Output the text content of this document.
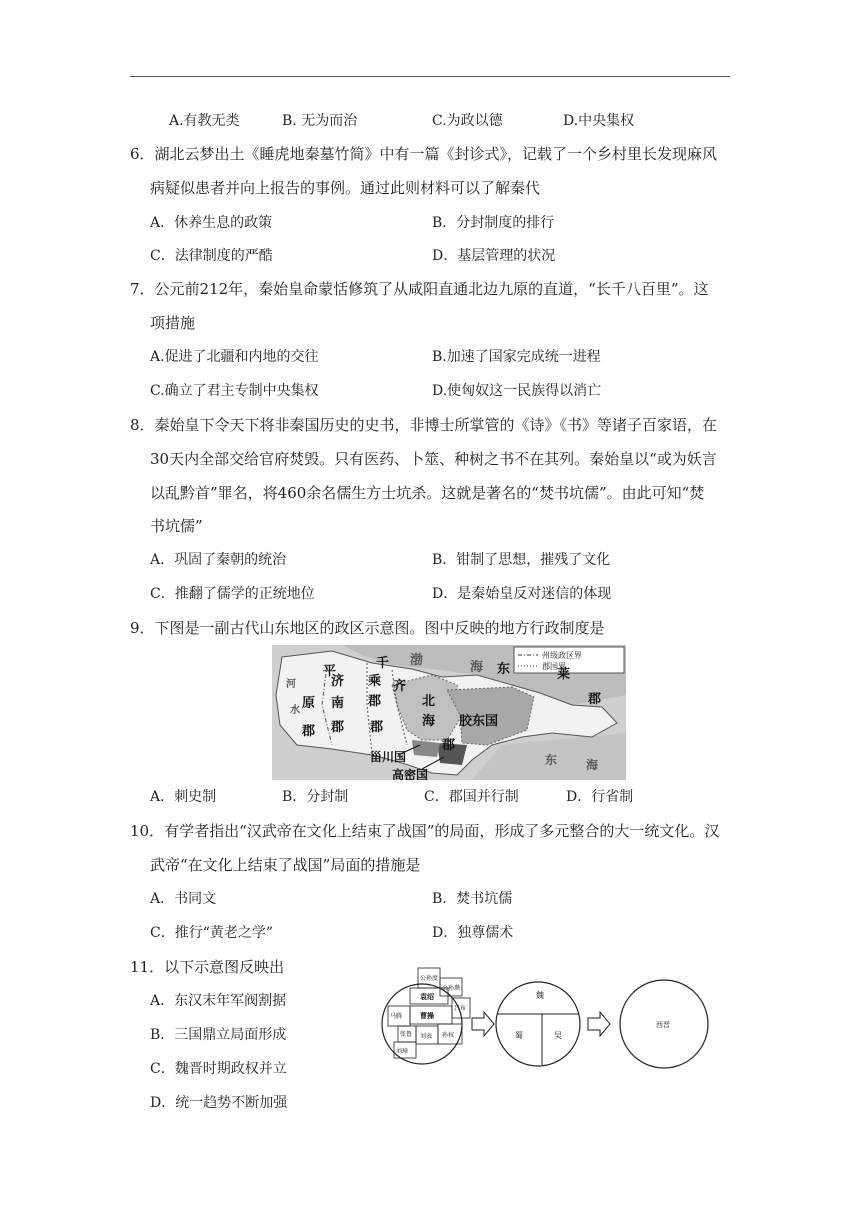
A.有教无类	B. 无为而治	C.为政以德	D.中央集权
6．湖北云梦出土《睡虎地秦墓竹简》中有一篇《封诊式》，记载了一个乡村里长发现麻风
病疑似患者并向上报告的事例。通过此则材料可以了解秦代
A．休养生息的政策	B．分封制度的排行
C．法律制度的严酷	D．基层管理的状况
7．公元前212年，秦始皇命蒙恬修筑了从咸阳直通北边九原的直道，“长千八百里”。这
项措施
A.促进了北疆和内地的交往	B.加速了国家完成统一进程
C.确立了君主专制中央集权	D.使匈奴这一民族得以消亡
8．秦始皇下令天下将非秦国历史的史书，非博士所掌管的《诗》《书》等诸子百家语，在
30天内全部交给官府焚毁。只有医药、卜筮、种树之书不在其列。秦始皇以“或为妖言
以乱黔首”罪名，将460余名儒生方士坑杀。这就是著名的“焚书坑儒”。由此可知“焚
书坑儒”
A．巩固了秦朝的统治	B．钳制了思想，摧残了文化
C．推翻了儒学的正统地位	D．是秦始皇反对迷信的体现
9．下图是一副古代山东地区的政区示意图。图中反映的地方行政制度是
州级政区界
郡国界
渤	海 东	莱
郡
平
原
郡
千
乘
郡
济
南
郡
齐
郡
北
海
郡
胶东国
甾川国
高密国
东 海
河
水
A．刺史制	B．分封制	C．郡国并行制	D．行省制
10．有学者指出“汉武帝在文化上结束了战国”的局面，形成了多元整合的大一统文化。汉
武帝“在文化上结束了战国”局面的措施是
A．书同文	B．焚书坑儒
C．推行“黄老之学”	D．独尊儒术
11．以下示意图反映出
A．东汉末年军阀割据
B．三国鼎立局面形成
C．魏晋时期政权并立
D．统一趋势不断加强
公孙度
公孙瓒
袁绍
马腾	曹操
吕布
张鲁 刘表 孙权
刘璋
魏
蜀	吴
西晋
